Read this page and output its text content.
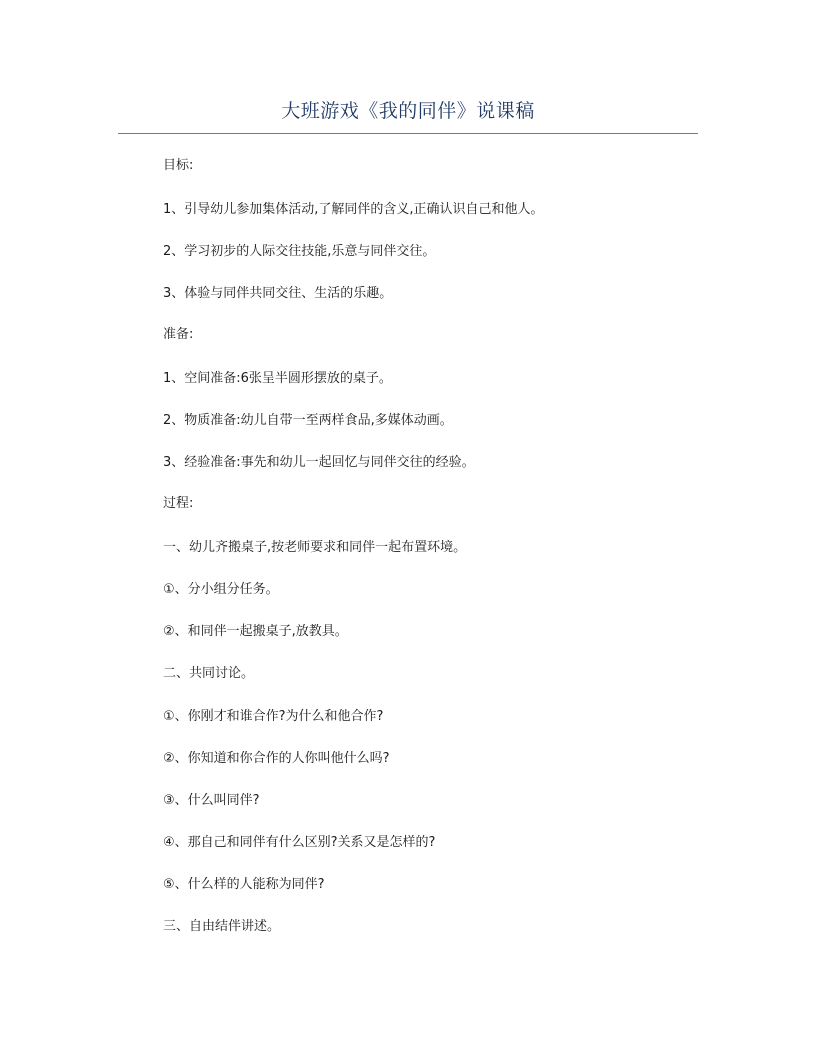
大班游戏《我的同伴》说课稿
目标:
1、引导幼儿参加集体活动,了解同伴的含义,正确认识自己和他人。
2、学习初步的人际交往技能,乐意与同伴交往。
3、体验与同伴共同交往、生活的乐趣。
准备:
1、空间准备:6张呈半圆形摆放的桌子。
2、物质准备:幼儿自带一至两样食品,多媒体动画。
3、经验准备:事先和幼儿一起回忆与同伴交往的经验。
过程:
一、幼儿齐搬桌子,按老师要求和同伴一起布置环境。
①、分小组分任务。
②、和同伴一起搬桌子,放教具。
二、共同讨论。
①、你刚才和谁合作?为什么和他合作?
②、你知道和你合作的人你叫他什么吗?
③、什么叫同伴?
④、那自己和同伴有什么区别?关系又是怎样的?
⑤、什么样的人能称为同伴?
三、自由结伴讲述。
